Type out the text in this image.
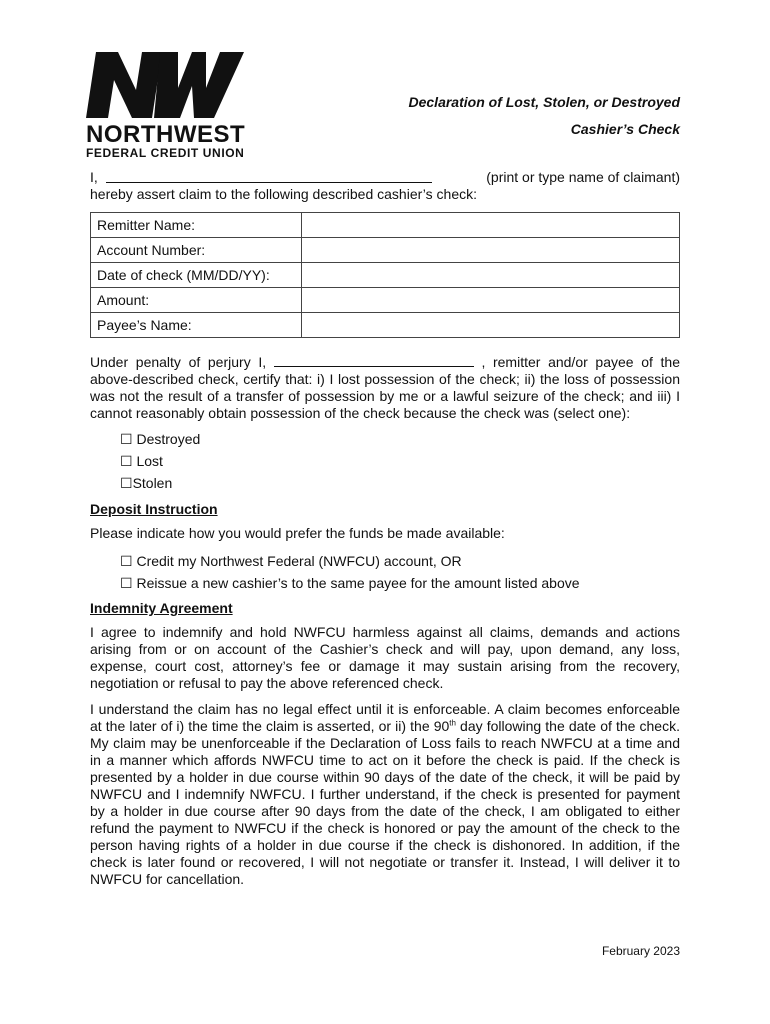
NORTHWEST
FEDERAL CREDIT UNION
Declaration of Lost, Stolen, or Destroyed
Cashier’s Check
I,	(print or type name of claimant)
hereby assert claim to the following described cashier’s check:
Remitter Name:	
Account Number:	
Date of check (MM/DD/YY):	
Amount:	
Payee’s Name:	
Under penalty of perjury I,	, remitter and/or payee of the above-described check, certify that: i) I lost possession of the check; ii) the loss of possession was not the result of a transfer of possession by me or a lawful seizure of the check; and iii) I cannot reasonably obtain possession of the check because the check was (select one):
☐ Destroyed
☐ Lost
☐Stolen
Deposit Instruction
Please indicate how you would prefer the funds be made available:
☐ Credit my Northwest Federal (NWFCU) account, OR
☐ Reissue a new cashier’s to the same payee for the amount listed above
Indemnity Agreement
I agree to indemnify and hold NWFCU harmless against all claims, demands and actions arising from or on account of the Cashier’s check and will pay, upon demand, any loss, expense, court cost, attorney’s fee or damage it may sustain arising from the recovery, negotiation or refusal to pay the above referenced check.
I understand the claim has no legal effect until it is enforceable. A claim becomes enforceable at the later of i) the time the claim is asserted, or ii) the 90th day following the date of the check. My claim may be unenforceable if the Declaration of Loss fails to reach NWFCU at a time and in a manner which affords NWFCU time to act on it before the check is paid. If the check is presented by a holder in due course within 90 days of the date of the check, it will be paid by NWFCU and I indemnify NWFCU. I further understand, if the check is presented for payment by a holder in due course after 90 days from the date of the check, I am obligated to either refund the payment to NWFCU if the check is honored or pay the amount of the check to the person having rights of a holder in due course if the check is dishonored. In addition, if the check is later found or recovered, I will not negotiate or transfer it. Instead, I will deliver it to NWFCU for cancellation.
February 2023
